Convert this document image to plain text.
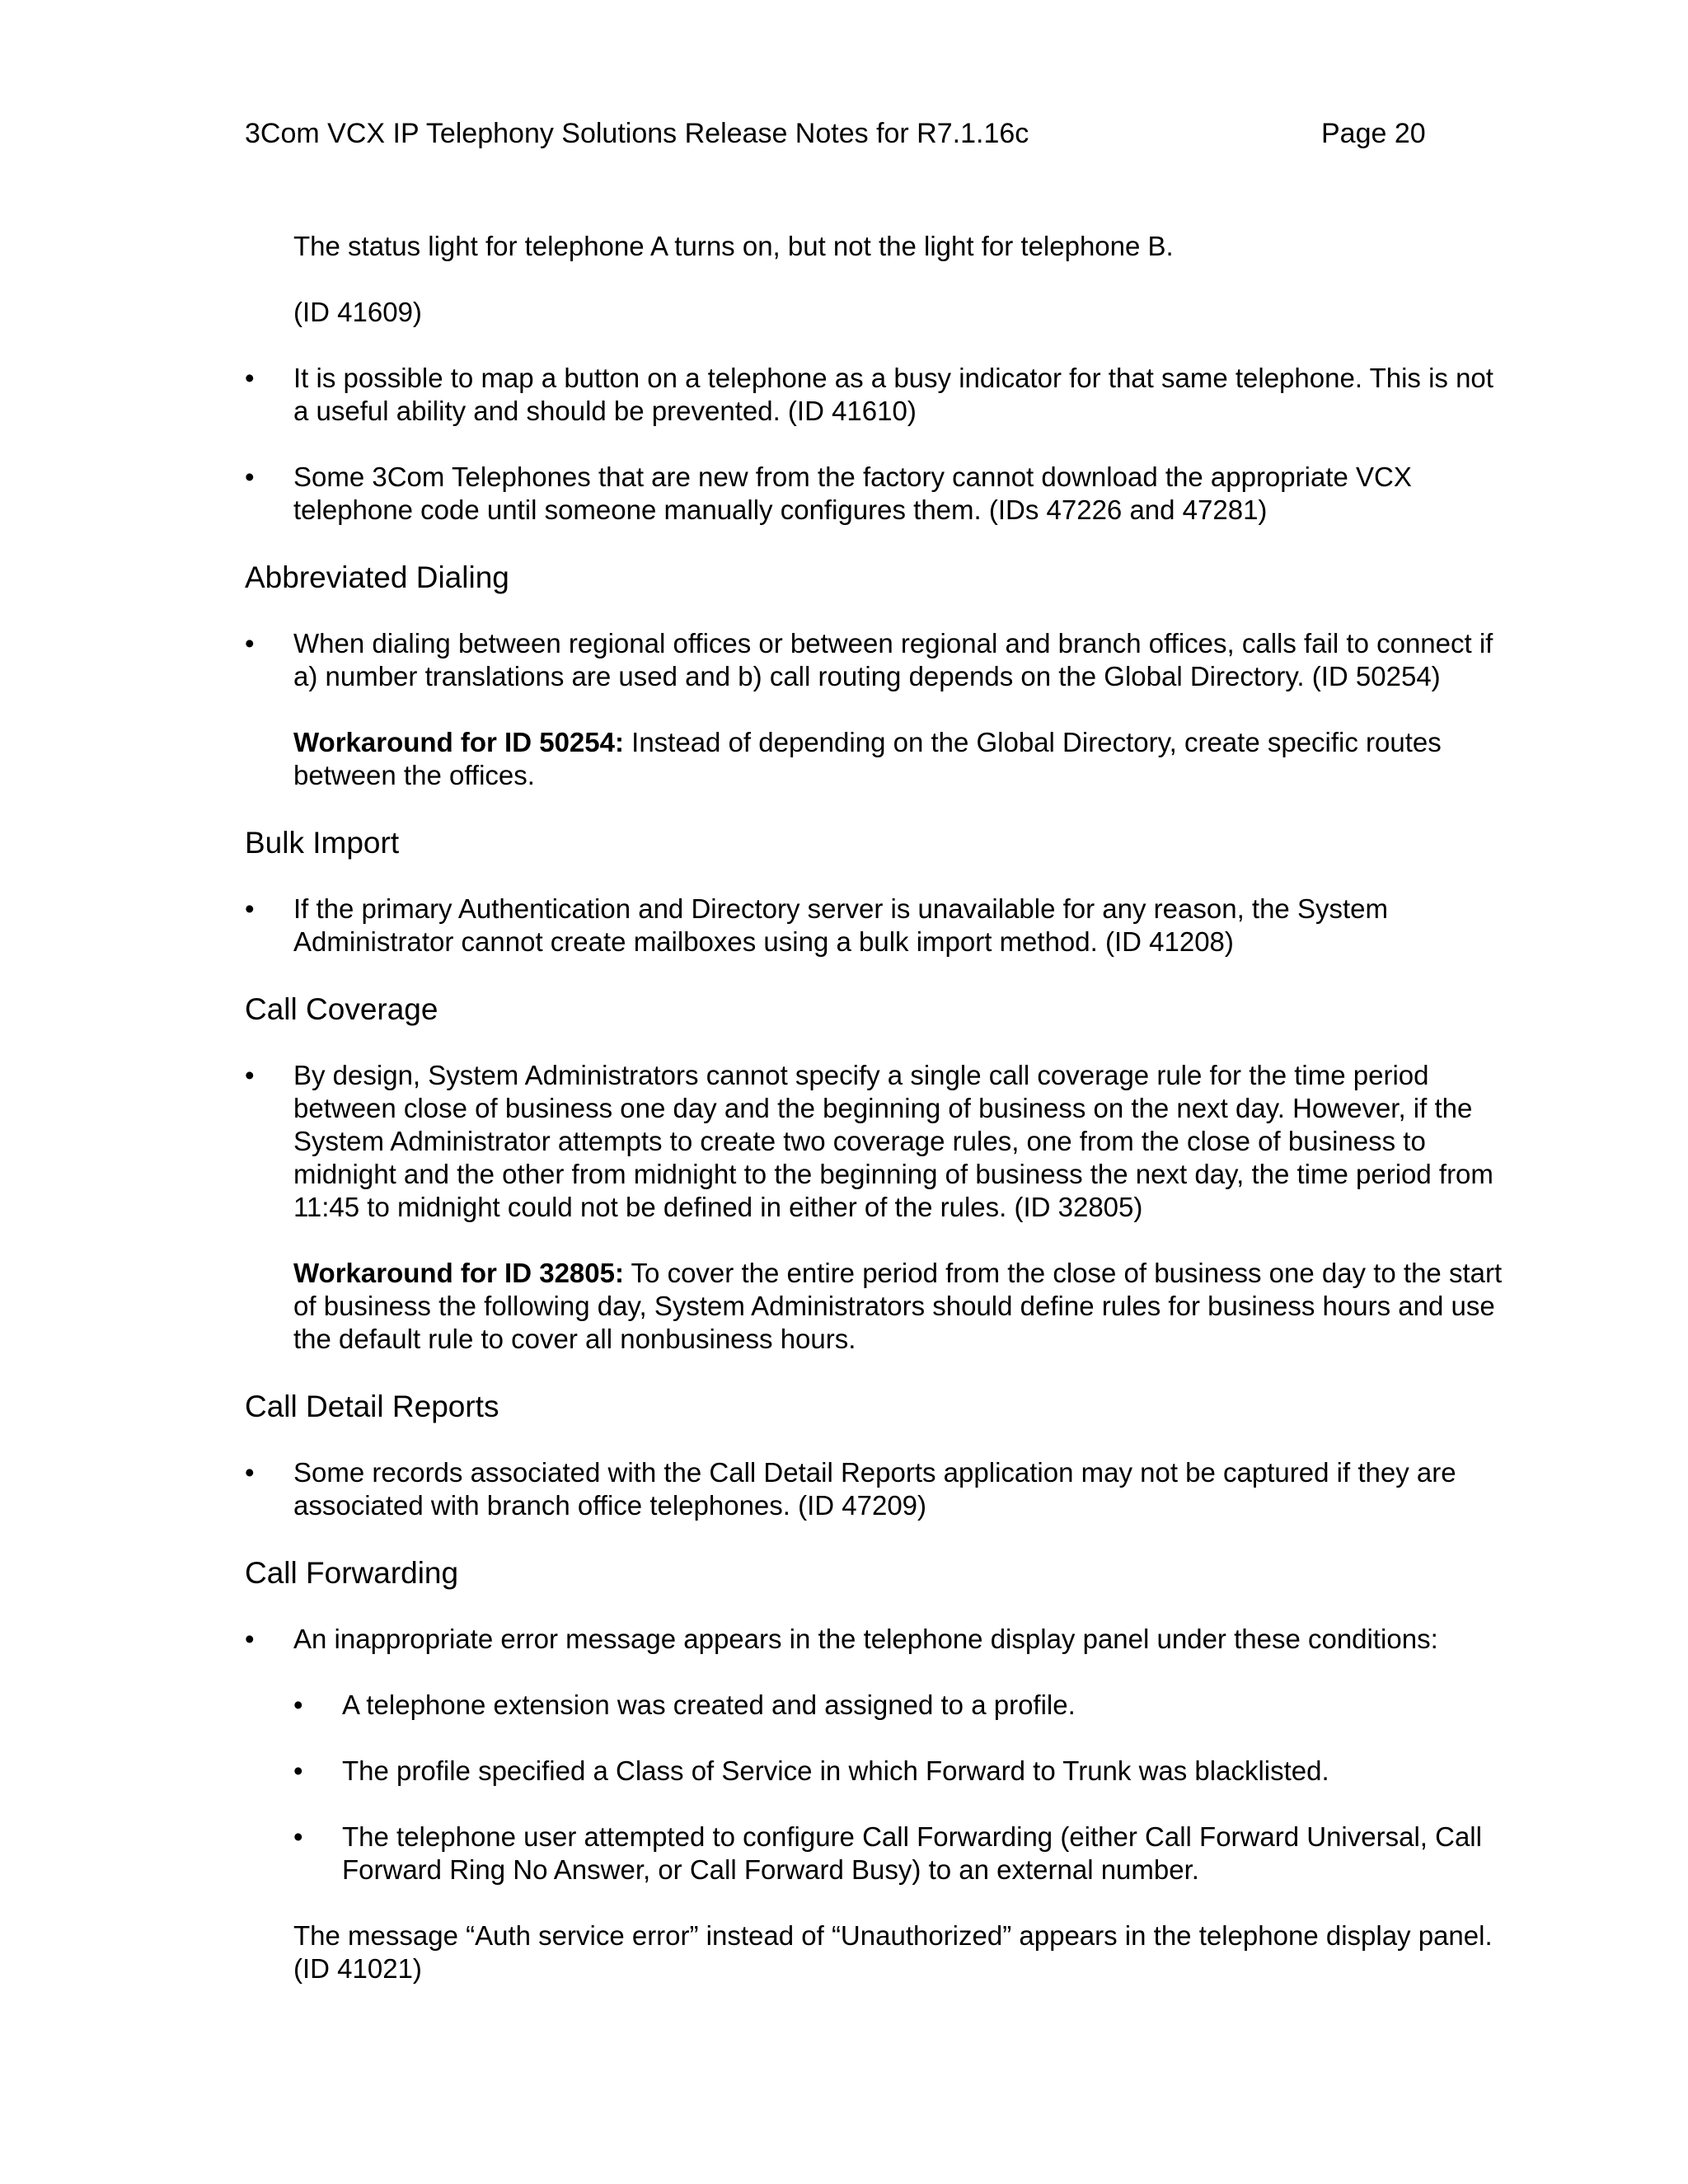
3Com VCX IP Telephony Solutions Release Notes for R7.1.16c	Page 20

The status light for telephone A turns on, but not the light for telephone B.

(ID 41609)

•	It is possible to map a button on a telephone as a busy indicator for that same telephone. This is not a useful ability and should be prevented. (ID 41610)
•	Some 3Com Telephones that are new from the factory cannot download the appropriate VCX telephone code until someone manually configures them. (IDs 47226 and 47281)
Abbreviated Dialing
•	When dialing between regional offices or between regional and branch offices, calls fail to connect if a) number translations are used and b) call routing depends on the Global Directory. (ID 50254)

Workaround for ID 50254: Instead of depending on the Global Directory, create specific routes between the offices.

Bulk Import
•	If the primary Authentication and Directory server is unavailable for any reason, the System Administrator cannot create mailboxes using a bulk import method. (ID 41208)
Call Coverage
•	By design, System Administrators cannot specify a single call coverage rule for the time period between close of business one day and the beginning of business on the next day. However, if the System Administrator attempts to create two coverage rules, one from the close of business to midnight and the other from midnight to the beginning of business the next day, the time period from 11:45 to midnight could not be defined in either of the rules. (ID 32805)

Workaround for ID 32805: To cover the entire period from the close of business one day to the start of business the following day, System Administrators should define rules for business hours and use the default rule to cover all nonbusiness hours.

Call Detail Reports
•	Some records associated with the Call Detail Reports application may not be captured if they are associated with branch office telephones. (ID 47209)
Call Forwarding
•	An inappropriate error message appears in the telephone display panel under these conditions:
•	A telephone extension was created and assigned to a profile.
•	The profile specified a Class of Service in which Forward to Trunk was blacklisted.
•	The telephone user attempted to configure Call Forwarding (either Call Forward Universal, Call Forward Ring No Answer, or Call Forward Busy) to an external number.

The message “Auth service error” instead of “Unauthorized” appears in the telephone display panel. (ID 41021)
